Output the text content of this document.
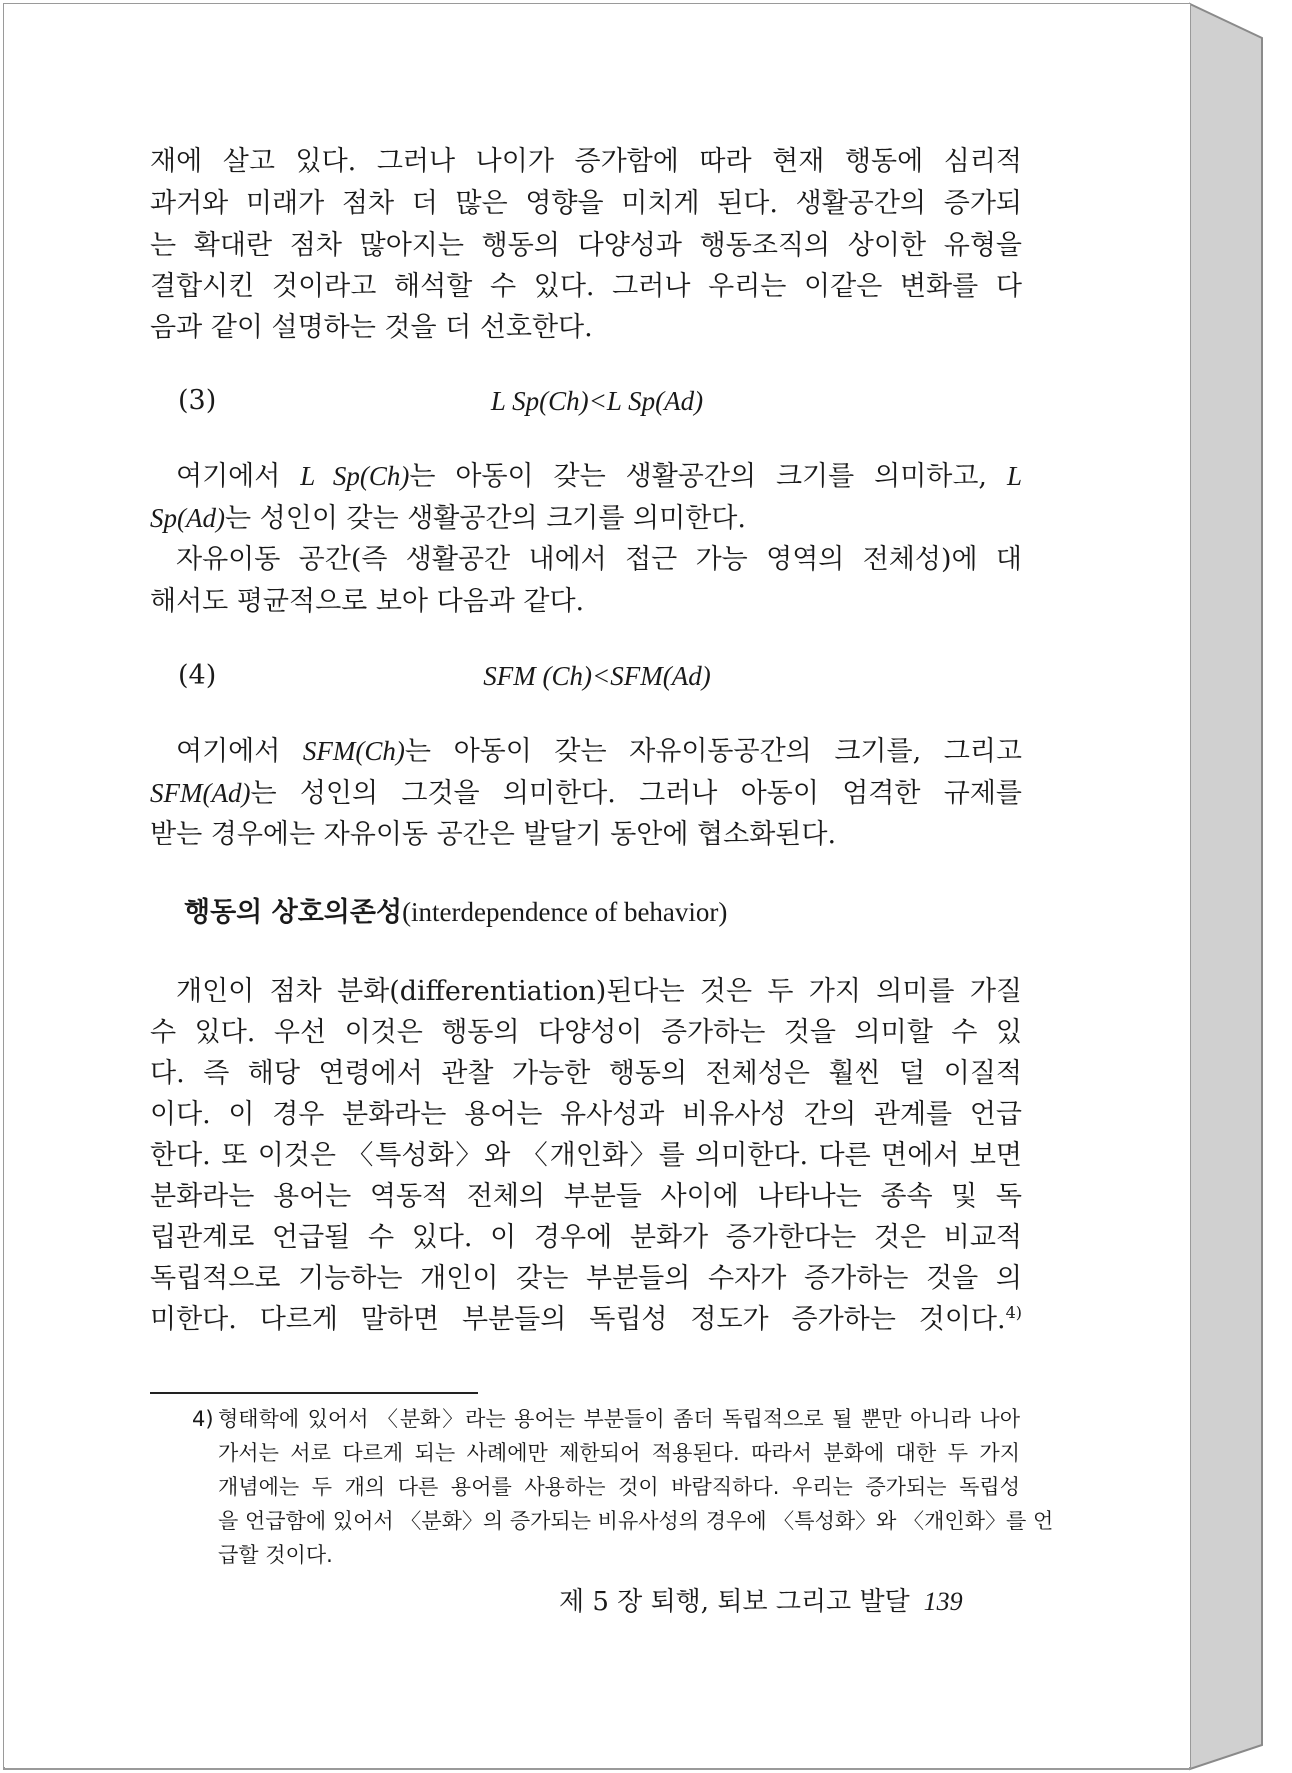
재에 살고 있다. 그러나 나이가 증가함에 따라 현재 행동에 심리적
과거와 미래가 점차 더 많은 영향을 미치게 된다. 생활공간의 증가되
는 확대란 점차 많아지는 행동의 다양성과 행동조직의 상이한 유형을
결합시킨 것이라고 해석할 수 있다. 그러나 우리는 이같은 변화를 다
음과 같이 설명하는 것을 더 선호한다.
(3)	L Sp(Ch)<L Sp(Ad)
여기에서 L Sp(Ch)는 아동이 갖는 생활공간의 크기를 의미하고, L
Sp(Ad)는 성인이 갖는 생활공간의 크기를 의미한다.
자유이동 공간(즉 생활공간 내에서 접근 가능 영역의 전체성)에 대
해서도 평균적으로 보아 다음과 같다.
(4)	SFM (Ch)<SFM(Ad)
여기에서 SFM(Ch)는 아동이 갖는 자유이동공간의 크기를, 그리고
SFM(Ad)는 성인의 그것을 의미한다. 그러나 아동이 엄격한 규제를
받는 경우에는 자유이동 공간은 발달기 동안에 협소화된다.
행동의 상호의존성(interdependence of behavior)
개인이 점차 분화(differentiation)된다는 것은 두 가지 의미를 가질
수 있다. 우선 이것은 행동의 다양성이 증가하는 것을 의미할 수 있
다. 즉 해당 연령에서 관찰 가능한 행동의 전체성은 훨씬 덜 이질적
이다. 이 경우 분화라는 용어는 유사성과 비유사성 간의 관계를 언급
한다. 또 이것은 〈특성화〉와 〈개인화〉를 의미한다. 다른 면에서 보면
분화라는 용어는 역동적 전체의 부분들 사이에 나타나는 종속 및 독
립관계로 언급될 수 있다. 이 경우에 분화가 증가한다는 것은 비교적
독립적으로 기능하는 개인이 갖는 부분들의 수자가 증가하는 것을 의
미한다. 다르게 말하면 부분들의 독립성 정도가 증가하는 것이다.$^{4)}$
4) 형태학에 있어서 〈분화〉라는 용어는 부분들이 좀더 독립적으로 될 뿐만 아니라 나아
가서는 서로 다르게 되는 사례에만 제한되어 적용된다. 따라서 분화에 대한 두 가지
개념에는 두 개의 다른 용어를 사용하는 것이 바람직하다. 우리는 증가되는 독립성
을 언급함에 있어서 〈분화〉의 증가되는 비유사성의 경우에 〈특성화〉와 〈개인화〉를 언
급할 것이다.
제 5 장 퇴행, 퇴보 그리고 발달 139
